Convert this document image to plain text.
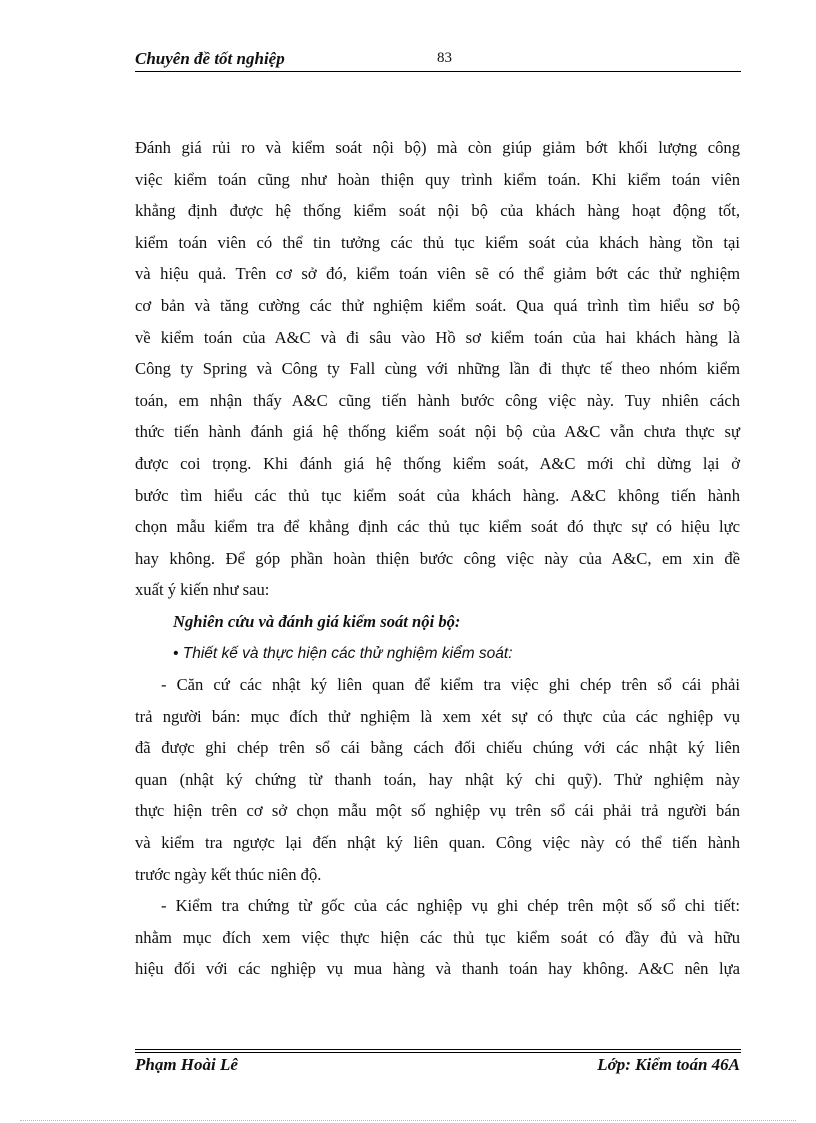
Chuyên đề tốt nghiệp	83
Đánh giá rủi ro và kiểm soát nội bộ) mà còn giúp giảm bớt khối lượng công
việc kiểm toán cũng như hoàn thiện quy trình kiểm toán. Khi kiểm toán viên
khẳng định được hệ thống kiểm soát nội bộ của khách hàng hoạt động tốt,
kiểm toán viên có thể tin tưởng các thủ tục kiểm soát của khách hàng tồn tại
và hiệu quả. Trên cơ sở đó, kiểm toán viên sẽ có thể giảm bớt các thử nghiệm
cơ bản và tăng cường các thử nghiệm kiểm soát. Qua quá trình tìm hiểu sơ bộ
về kiểm toán của A&C và đi sâu vào Hồ sơ kiểm toán của hai khách hàng là
Công ty Spring và Công ty Fall cùng với những lần đi thực tế theo nhóm kiểm
toán, em nhận thấy A&C cũng tiến hành bước công việc này. Tuy nhiên cách
thức tiến hành đánh giá hệ thống kiểm soát nội bộ của A&C vẫn chưa thực sự
được coi trọng. Khi đánh giá hệ thống kiểm soát, A&C mới chỉ dừng lại ở
bước tìm hiểu các thủ tục kiểm soát của khách hàng. A&C không tiến hành
chọn mẫu kiểm tra để khẳng định các thủ tục kiểm soát đó thực sự có hiệu lực
hay không. Để góp phần hoàn thiện bước công việc này của A&C, em xin đề
xuất ý kiến như sau:
Nghiên cứu và đánh giá kiểm soát nội bộ:
• Thiết kế và thực hiện các thử nghiệm kiểm soát:
- Căn cứ các nhật ký liên quan để kiểm tra việc ghi chép trên sổ cái phải
trả người bán: mục đích thử nghiệm là xem xét sự có thực của các nghiệp vụ
đã được ghi chép trên sổ cái bằng cách đối chiếu chúng với các nhật ký liên
quan (nhật ký chứng từ thanh toán, hay nhật ký chi quỹ). Thử nghiệm này
thực hiện trên cơ sở chọn mẫu một số nghiệp vụ trên sổ cái phải trả người bán
và kiểm tra ngược lại đến nhật ký liên quan. Công việc này có thể tiến hành
trước ngày kết thúc niên độ.
- Kiểm tra chứng từ gốc của các nghiệp vụ ghi chép trên một số sổ chi tiết:
nhằm mục đích xem việc thực hiện các thủ tục kiểm soát có đầy đủ và hữu
hiệu đối với các nghiệp vụ mua hàng và thanh toán hay không. A&C nên lựa
Phạm Hoài Lê	Lớp: Kiểm toán 46A
